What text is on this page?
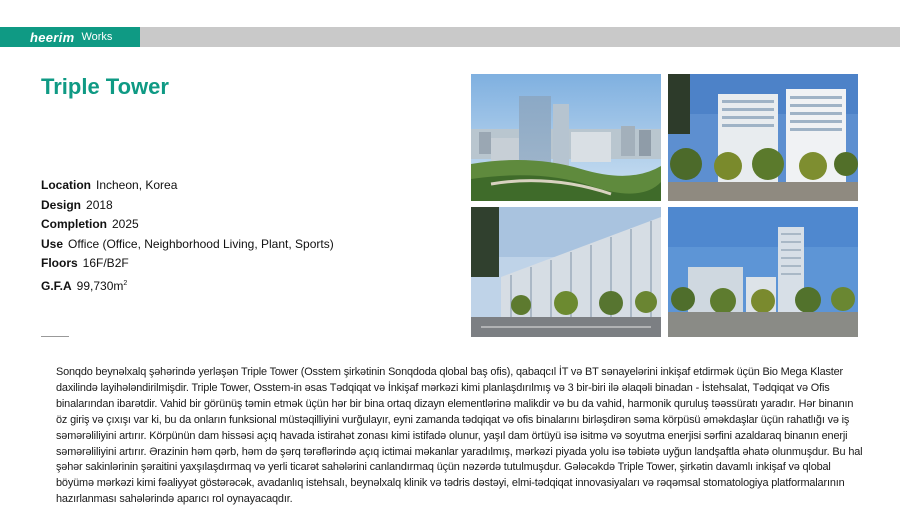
heerim Works
Triple Tower
Location Incheon, Korea
Design 2018
Completion 2025
Use Office (Office, Neighborhood Living, Plant, Sports)
Floors 16F/B2F
G.F.A $99,730m^2$

Sonqdo beynəlxalq şəhərində yerləşən Triple Tower (Osstem şirkətinin Sonqdoda qlobal baş ofis), qabaqcıl İT və BT sənayelərini inkişaf etdirmək üçün Bio Mega Klaster daxilində layihələndirilmişdir. Triple Tower, Osstem-in əsas Tədqiqat və İnkişaf mərkəzi kimi planlaşdırılmış və 3 bir-biri ilə əlaqəli binadan - İstehsalat, Tədqiqat və Ofis binalarından ibarətdir. Vahid bir görünüş təmin etmək üçün hər bir bina ortaq dizayn elementlərinə malikdir və bu da vahid, harmonik quruluş təəssüratı yaradır. Hər binanın öz giriş və çıxışı var ki, bu da onların funksional müstəqilliyini vurğulayır, eyni zamanda tədqiqat və ofis binalarını birləşdirən səma körpüsü əməkdaşlar üçün rahatlığı və iş səmərəliliyini artırır. Körpünün dam hissəsi açıq havada istirahət zonası kimi istifadə olunur, yaşıl dam örtüyü isə isitmə və soyutma enerjisi sərfini azaldaraq binanın enerji səmərəliliyini artırır. Ərazinin həm qərb, həm də şərq tərəflərində açıq ictimai məkanlar yaradılmış, mərkəzi piyada yolu isə təbiətə uyğun landşaftla əhatə olunmuşdur. Bu hal şəhər sakinlərinin şəraitini yaxşılaşdırmaq və yerli ticarət sahələrini canlandırmaq üçün nəzərdə tutulmuşdur. Gələcəkdə Triple Tower, şirkətin davamlı inkişaf və qlobal böyümə mərkəzi kimi fəaliyyət göstərəcək, avadanlıq istehsalı, beynəlxalq klinik və tədris dəstəyi, elmi-tədqiqat innovasiyaları və rəqəmsal stomatologiya platformalarının hazırlanması sahələrində aparıcı rol oynayacaqdır.
